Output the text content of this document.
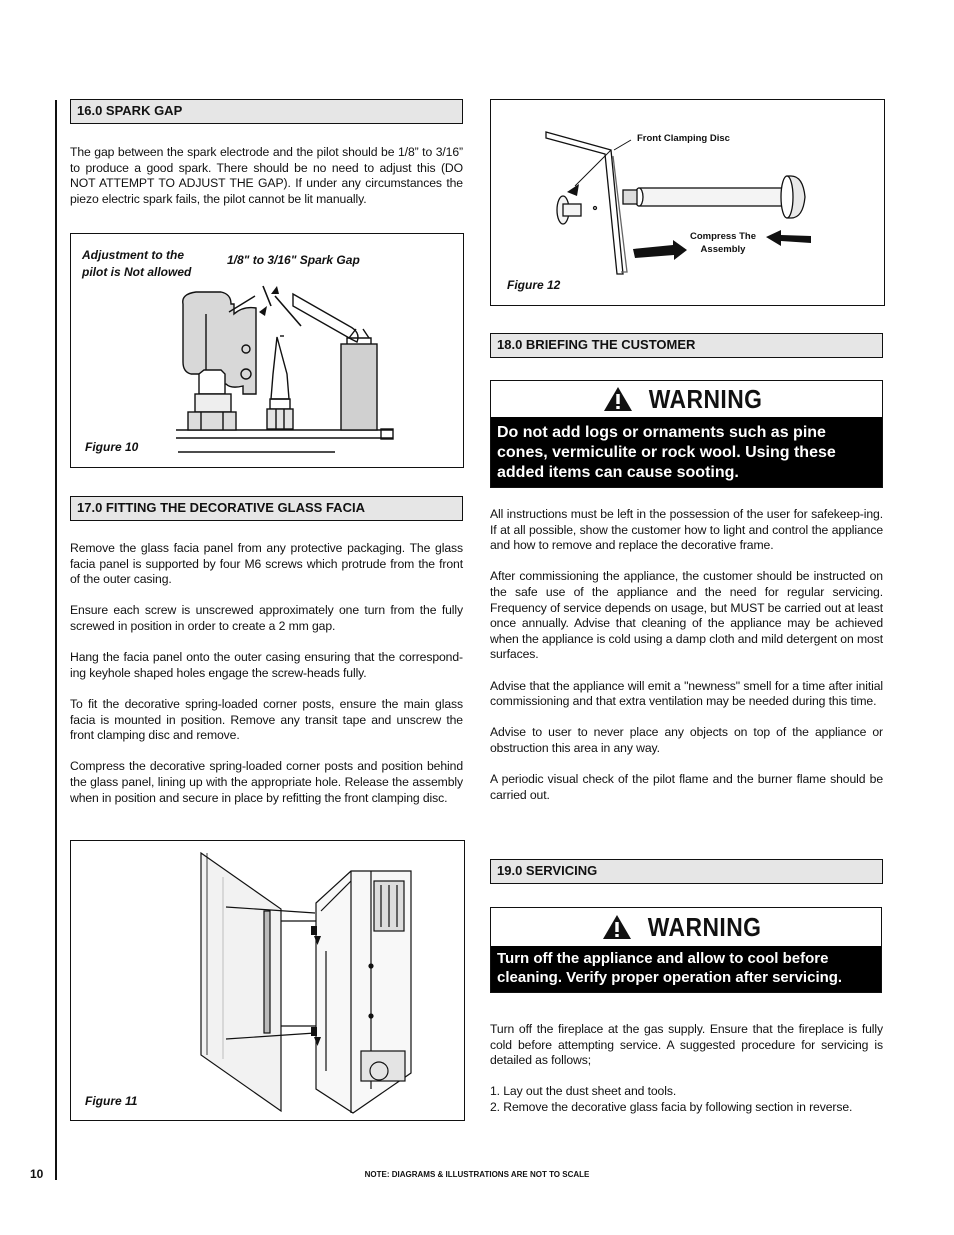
16.0 SPARK GAP

The gap between the spark electrode and the pilot should be 1/8” to 3/16” to produce a good spark. There should be no need to adjust this (DO NOT ATTEMPT TO ADJUST THE GAP). If under any circumstances the piezo electric spark fails, the pilot cannot be lit manually.

Adjustment to the
pilot is Not allowed
1/8" to 3/16" Spark Gap
Figure 10
17.0 FITTING THE DECORATIVE GLASS FACIA

Remove the glass facia panel from any protective packaging. The glass facia panel is supported by four M6 screws which protrude from the front of the outer casing.

Ensure each screw is unscrewed approximately one turn from the fully screwed in position in order to create a 2 mm gap.

Hang the facia panel onto the outer casing ensuring that the correspond-ing keyhole shaped holes engage the screw-heads fully.

To fit the decorative spring-loaded corner posts, ensure the main glass facia is mounted in position. Remove any transit tape and unscrew the front clamping disc and remove.

Compress the decorative spring-loaded corner posts and position behind the glass panel, lining up with the appropriate hole. Release the assembly when in position and secure in place by refitting the front clamping disc.

Figure 11
Front Clamping Disc
Compress The
Assembly
Figure 12
18.0 BRIEFING THE CUSTOMER
WARNING
Do not add logs or ornaments such as pine cones, vermiculite or rock wool. Using these added items can cause sooting.

All instructions must be left in the possession of the user for safekeep-ing. If at all possible, show the customer how to light and control the appliance and how to remove and replace the decorative frame.

After commissioning the appliance, the customer should be instructed on the safe use of the appliance and the need for regular servicing. Frequency of service depends on usage, but MUST be carried out at least once annually. Advise that cleaning of the appliance may be achieved when the appliance is cold using a damp cloth and mild detergent on most surfaces.

Advise that the appliance will emit a "newness" smell for a time after initial commissioning and that extra ventilation may be needed during this time.

Advise to user to never place any objects on top of the appliance or obstruction this area in any way.

A periodic visual check of the pilot flame and the burner flame should be carried out.

19.0 SERVICING
WARNING
Turn off the appliance and allow to cool before cleaning. Verify proper operation after servicing.

Turn off the fireplace at the gas supply. Ensure that the fireplace is fully cold before attempting service. A suggested procedure for servicing is detailed as follows;

1. Lay out the dust sheet and tools.
2. Remove the decorative glass facia by following section in reverse.
10	NOTE: DIAGRAMS & ILLUSTRATIONS ARE NOT TO SCALE
